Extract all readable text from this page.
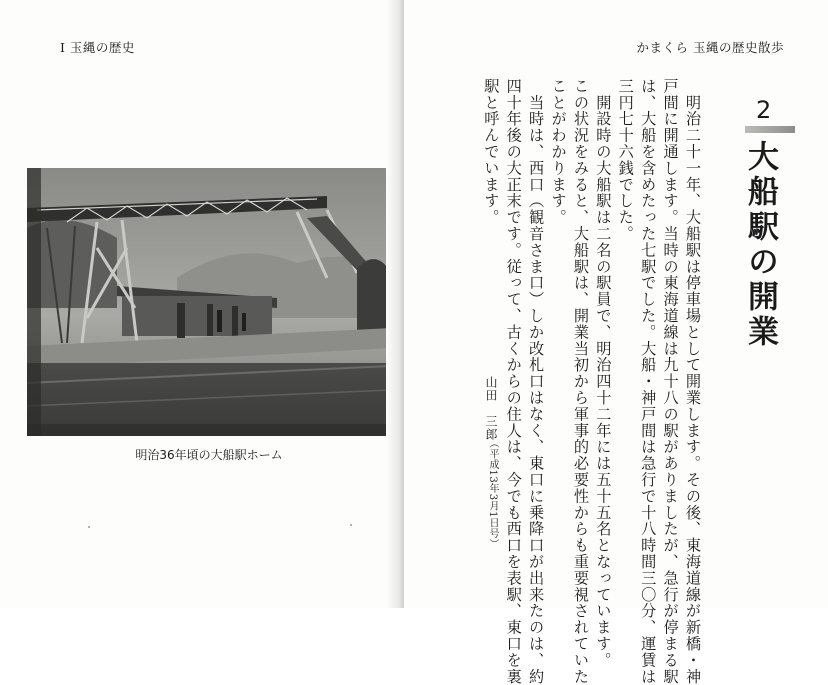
Ⅰ 玉縄の歴史
明治36年頃の大船駅ホーム
かまくら 玉縄の歴史散歩
2
大船駅の開業
　明治二十一年、大船駅は停車場として開業します。その後、東海道線が新橋・神
戸間に開通します。当時の東海道線は九十八の駅がありましたが、急行が停まる駅
は、大船を含めたった七駅でした。大船・神戸間は急行で十八時間三〇分、運賃は
三円七十六銭でした。
　開設時の大船駅は二名の駅員で、明治四十二年には五十五名となっています。
この状況をみると、大船駅は、開業当初から軍事的必要性からも重要視されていた
ことがわかります。
　当時は、西口（観音さま口）しか改札口はなく、東口に乗降口が出来たのは、約
四十年後の大正末です。従って、古くからの住人は、今でも西口を表駅、東口を裏
駅と呼んでいます。
山田　三郎
（平成13年3月1日号）
